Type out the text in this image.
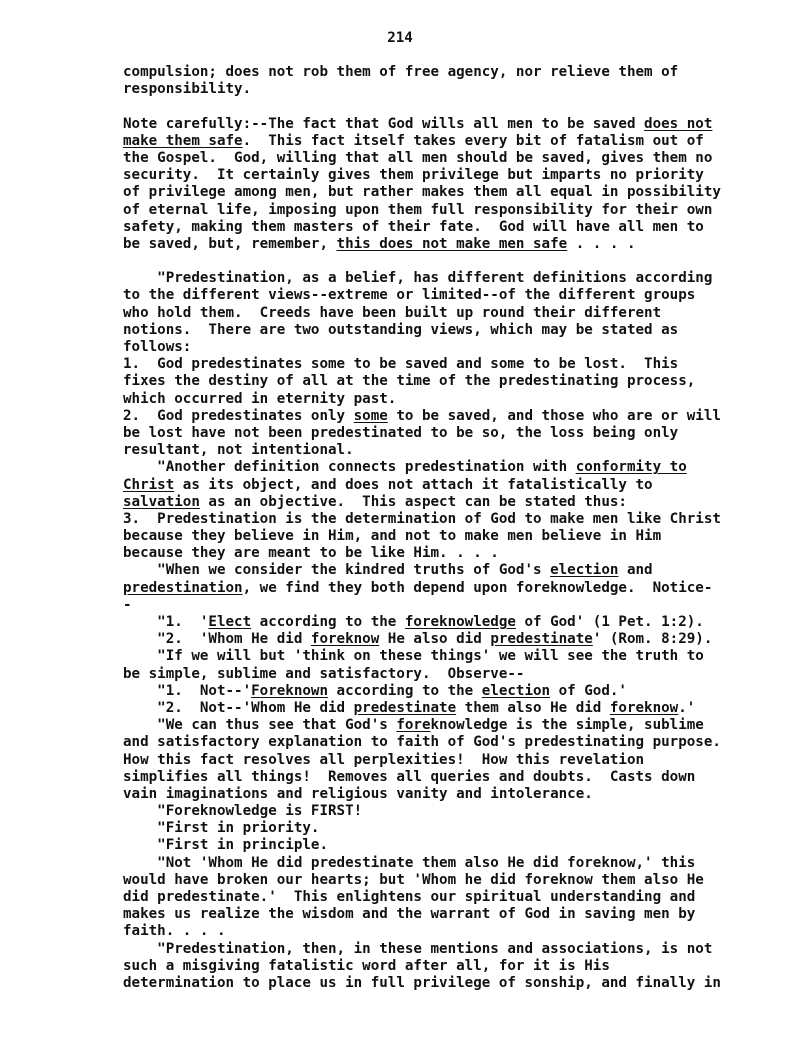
214
compulsion; does not rob them of free agency, nor relieve them of
responsibility.
Note carefully:--The fact that God wills all men to be saved does not
make them safe.  This fact itself takes every bit of fatalism out of
the Gospel.  God, willing that all men should be saved, gives them no
security.  It certainly gives them privilege but imparts no priority
of privilege among men, but rather makes them all equal in possibility
of eternal life, imposing upon them full responsibility for their own
safety, making them masters of their fate.  God will have all men to
be saved, but, remember, this does not make men safe . . . .
"Predestination, as a belief, has different definitions according
to the different views--extreme or limited--of the different groups
who hold them.  Creeds have been built up round their different
notions.  There are two outstanding views, which may be stated as
follows:
1.  God predestinates some to be saved and some to be lost.  This
fixes the destiny of all at the time of the predestinating process,
which occurred in eternity past.
2.  God predestinates only some to be saved, and those who are or will
be lost have not been predestinated to be so, the loss being only
resultant, not intentional.
"Another definition connects predestination with conformity to
Christ as its object, and does not attach it fatalistically to
salvation as an objective.  This aspect can be stated thus:
3.  Predestination is the determination of God to make men like Christ
because they believe in Him, and not to make men believe in Him
because they are meant to be like Him. . . .
"When we consider the kindred truths of God's election and
predestination, we find they both depend upon foreknowledge.  Notice-
-
"1.  'Elect according to the foreknowledge of God' (1 Pet. 1:2).
"2.  'Whom He did foreknow He also did predestinate' (Rom. 8:29).
"If we will but 'think on these things' we will see the truth to
be simple, sublime and satisfactory.  Observe--
"1.  Not--'Foreknown according to the election of God.'
"2.  Not--'Whom He did predestinate them also He did foreknow.'
"We can thus see that God's foreknowledge is the simple, sublime
and satisfactory explanation to faith of God's predestinating purpose.
How this fact resolves all perplexities!  How this revelation
simplifies all things!  Removes all queries and doubts.  Casts down
vain imaginations and religious vanity and intolerance.
"Foreknowledge is FIRST!
"First in priority.
"First in principle.
"Not 'Whom He did predestinate them also He did foreknow,' this
would have broken our hearts; but 'Whom he did foreknow them also He
did predestinate.'  This enlightens our spiritual understanding and
makes us realize the wisdom and the warrant of God in saving men by
faith. . . .
"Predestination, then, in these mentions and associations, is not
such a misgiving fatalistic word after all, for it is His
determination to place us in full privilege of sonship, and finally in
